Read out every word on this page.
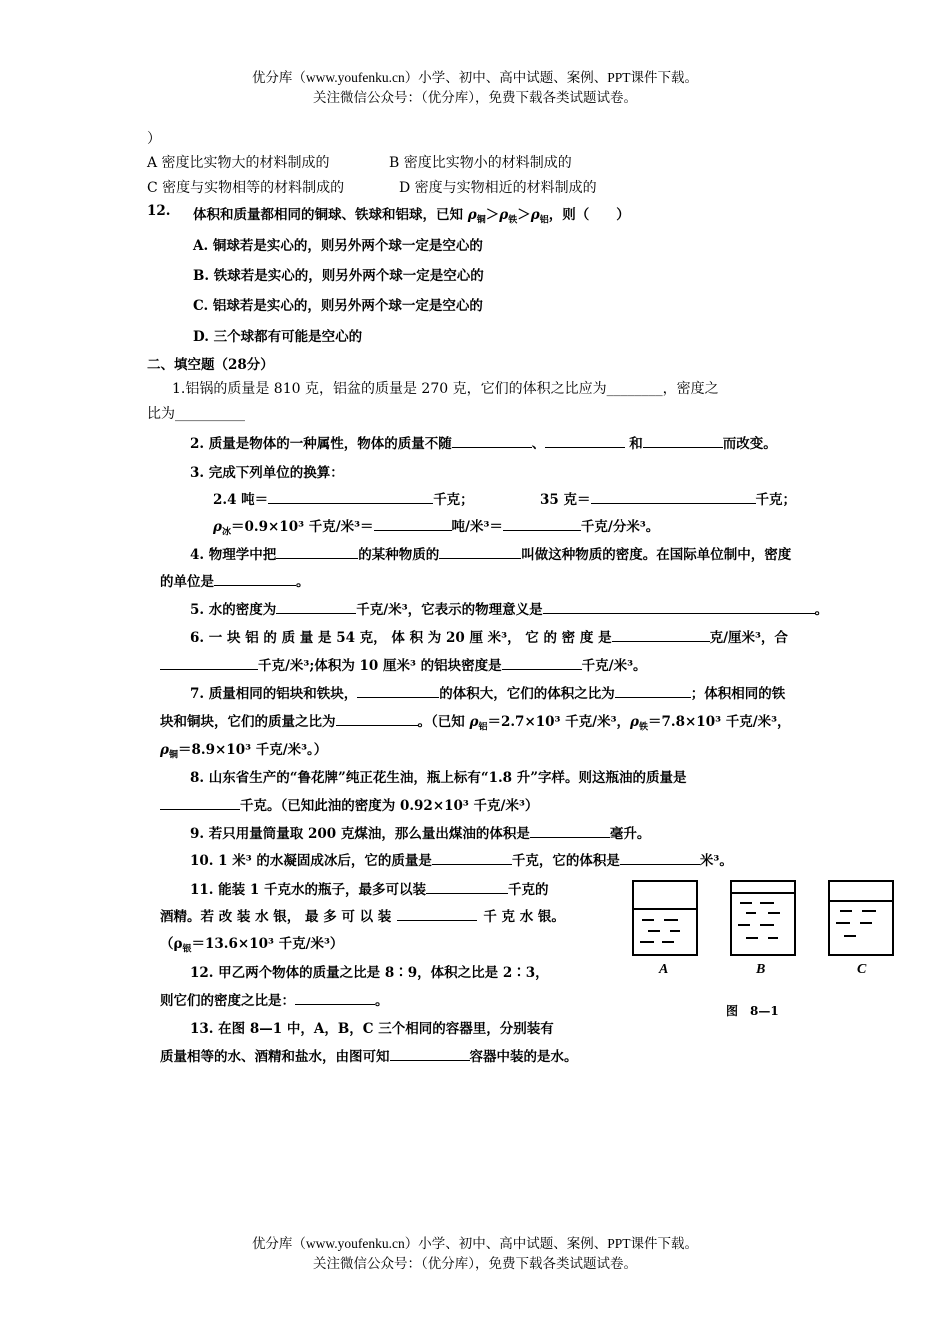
优分库（www.youfenku.cn）小学、初中、高中试题、案例、PPT课件下载。
关注微信公众号：（优分库），免费下载各类试题试卷。
）
A 密度比实物大的材料制成的	B 密度比实物小的材料制成的
C 密度与实物相等的材料制成的	D 密度与实物相近的材料制成的
12. 体积和质量都相同的铜球、铁球和铝球，已知 $\rho_铜>\rho_铁>\rho_铝$，则（　　）
A. 铜球若是实心的，则另外两个球一定是空心的
B. 铁球若是实心的，则另外两个球一定是空心的
C. 铝球若是实心的，则另外两个球一定是空心的
D. 三个球都有可能是空心的
二、填空题（28分）
1.铝锅的质量是 810 克，铝盆的质量是 270 克，它们的体积之比应为________，密度之
比为__________
2. 质量是物体的一种属性，物体的质量不随	、	和	而改变。
3. 完成下列单位的换算：
2.4 吨＝	千克；	35 克＝	千克；
$\rho_冰=0.9\times 10^3$ 千克/米³＝	吨/米³＝	千克/分米³。
4. 物理学中把	的某种物质的	叫做这种物质的密度。在国际单位制中，密度
的单位是	。
5. 水的密度为	千克/米³，它表示的物理意义是	。
6. 一 块 铝 的 质 量 是 54 克， 体 积 为 20 厘 米³， 它 的 密 度 是	克/厘米³，合
千克/米³;体积为 10 厘米³ 的铝块密度是	千克/米³。
7. 质量相同的铝块和铁块，	的体积大，它们的体积之比为	；体积相同的铁
块和铜块，它们的质量之比为	。（已知 $\rho_铝=2.7\times 10^3$ 千克/米³，$\rho_铁=7.8\times 10^3$ 千克/米³，
$\rho_铜=8.9\times 10^3$ 千克/米³。）
8. 山东省生产的“鲁花牌”纯正花生油，瓶上标有“1.8 升”字样。则这瓶油的质量是
千克。（已知此油的密度为 0.92×10³ 千克/米³）
9. 若只用量筒量取 200 克煤油，那么量出煤油的体积是	毫升。
10. 1 米³ 的水凝固成冰后，它的质量是	千克，它的体积是	米³。
11. 能装 1 千克水的瓶子，最多可以装	千克的
酒精。若 改 装 水 银， 最 多 可 以 装	千 克 水 银。
（$\rho_银=13.6\times 10^3$ 千克/米³）
12. 甲乙两个物体的质量之比是 8∶9，体积之比是 2∶3，
则它们的密度之比是：	。
13. 在图 8—1 中，A，B，C 三个相同的容器里，分别装有
质量相等的水、酒精和盐水，由图可知	容器中装的是水。
A	B	C
图　8—1
优分库（www.youfenku.cn）小学、初中、高中试题、案例、PPT课件下载。
关注微信公众号：（优分库），免费下载各类试题试卷。
